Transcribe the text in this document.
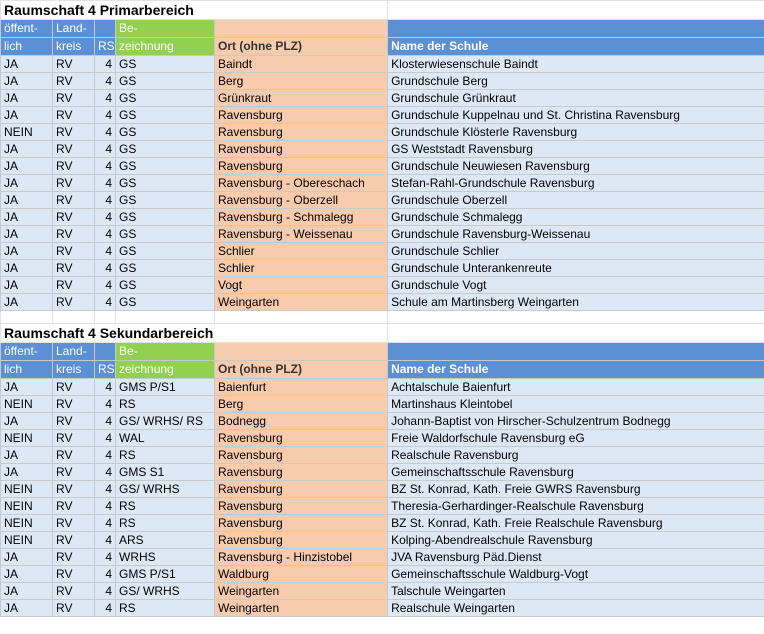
Raumschaft 4 Primarbereich					
öffent-	Land-		Be-		
lich	kreis	RS	zeichnung	Ort (ohne PLZ)	Name der Schule
JA	RV	4	GS	Baindt	Klosterwiesenschule Baindt
JA	RV	4	GS	Berg	Grundschule Berg
JA	RV	4	GS	Grünkraut	Grundschule Grünkraut
JA	RV	4	GS	Ravensburg	Grundschule Kuppelnau und St. Christina Ravensburg
NEIN	RV	4	GS	Ravensburg	Grundschule Klösterle Ravensburg
JA	RV	4	GS	Ravensburg	GS Weststadt Ravensburg
JA	RV	4	GS	Ravensburg	Grundschule Neuwiesen Ravensburg
JA	RV	4	GS	Ravensburg - Obereschach	Stefan-Rahl-Grundschule Ravensburg
JA	RV	4	GS	Ravensburg - Oberzell	Grundschule Oberzell
JA	RV	4	GS	Ravensburg - Schmalegg	Grundschule Schmalegg
JA	RV	4	GS	Ravensburg - Weissenau	Grundschule Ravensburg-Weissenau
JA	RV	4	GS	Schlier	Grundschule Schlier
JA	RV	4	GS	Schlier	Grundschule Unterankenreute
JA	RV	4	GS	Vogt	Grundschule Vogt
JA	RV	4	GS	Weingarten	Schule am Martinsberg Weingarten

Raumschaft 4 Sekundarbereich					
öffent-	Land-		Be-		
lich	kreis	RS	zeichnung	Ort (ohne PLZ)	Name der Schule
JA	RV	4	GMS P/S1	Baienfurt	Achtalschule Baienfurt
NEIN	RV	4	RS	Berg	Martinshaus Kleintobel
JA	RV	4	GS/ WRHS/ RS	Bodnegg	Johann-Baptist von Hirscher-Schulzentrum Bodnegg
NEIN	RV	4	WAL	Ravensburg	Freie Waldorfschule Ravensburg eG
JA	RV	4	RS	Ravensburg	Realschule Ravensburg
JA	RV	4	GMS S1	Ravensburg	Gemeinschaftsschule Ravensburg
NEIN	RV	4	GS/ WRHS	Ravensburg	BZ St. Konrad, Kath. Freie GWRS Ravensburg
NEIN	RV	4	RS	Ravensburg	Theresia-Gerhardinger-Realschule Ravensburg
NEIN	RV	4	RS	Ravensburg	BZ St. Konrad, Kath. Freie Realschule Ravensburg
NEIN	RV	4	ARS	Ravensburg	Kolping-Abendrealschule Ravensburg
JA	RV	4	WRHS	Ravensburg - Hinzistobel	JVA Ravensburg Päd.Dienst
JA	RV	4	GMS P/S1	Waldburg	Gemeinschaftsschule Waldburg-Vogt
JA	RV	4	GS/ WRHS	Weingarten	Talschule Weingarten
JA	RV	4	RS	Weingarten	Realschule Weingarten
